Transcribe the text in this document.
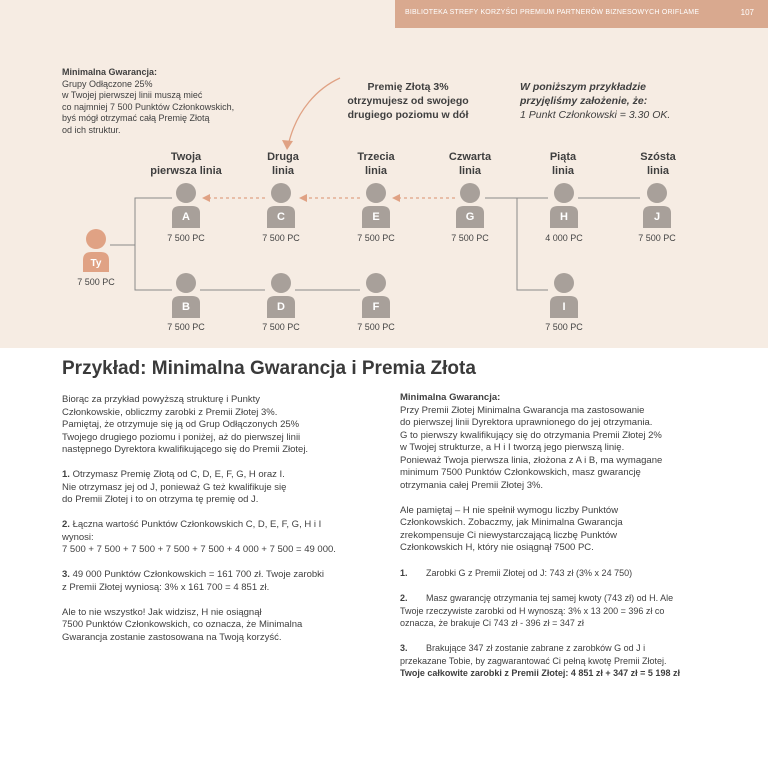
BIBLIOTEKA STREFY KORZYŚCI PREMIUM PARTNERÓW BIZNESOWYCH ORIFLAME	107
Minimalna Gwarancja:
Grupy Odłączone 25%
w Twojej pierwszej linii muszą mieć
co najmniej 7 500 Punktów Członkowskich,
byś mógł otrzymać całą Premię Złotą
od ich struktur.
Premię Złotą 3%
otrzymujesz od swojego
drugiego poziomu w dół
W poniższym przykładzie
przyjęliśmy założenie, że:
1 Punkt Członkowski = 3.30 OK.
Twoja
pierwsza linia
Druga
linia
Trzecia
linia
Czwarta
linia
Piąta
linia
Szósta
linia
Ty
7 500 PC
A
7 500 PC
C
7 500 PC
E
7 500 PC
G
7 500 PC
H
4 000 PC
J
7 500 PC
B
7 500 PC
D
7 500 PC
F
7 500 PC
I
7 500 PC
Przykład: Minimalna Gwarancja i Premia Złota

Biorąc za przykład powyższą strukturę i Punkty

Członkowskie, obliczmy zarobki z Premii Złotej 3%.

Pamiętaj, że otrzymuje się ją od Grup Odłączonych 25%

Twojego drugiego poziomu i poniżej, aż do pierwszej linii

następnego Dyrektora kwalifikującego się do Premii Złotej.

1. Otrzymasz Premię Złotą od C, D, E, F, G, H oraz I.

Nie otrzymasz jej od J, ponieważ G też kwalifikuje się

do Premii Złotej i to on otrzyma tę premię od J.

2. Łączna wartość Punktów Członkowskich C, D, E, F, G, H i I

wynosi:

7 500 + 7 500 + 7 500 + 7 500 + 7 500 + 4 000 + 7 500 = 49 000.

3. 49 000 Punktów Członkowskich = 161 700 zł. Twoje zarobki

z Premii Złotej wyniosą: 3% x 161 700 = 4 851 zł.

Ale to nie wszystko! Jak widzisz, H nie osiągnął

7500 Punktów Członkowskich, co oznacza, że Minimalna

Gwarancja zostanie zastosowana na Twoją korzyść.

Minimalna Gwarancja:

Przy Premii Złotej Minimalna Gwarancja ma zastosowanie

do pierwszej linii Dyrektora uprawnionego do jej otrzymania.

G to pierwszy kwalifikujący się do otrzymania Premii Złotej 2%

w Twojej strukturze, a H i I tworzą jego pierwszą linię.

Ponieważ Twoja pierwsza linia, złożona z A i B, ma wymagane

minimum 7500 Punktów Członkowskich, masz gwarancję

otrzymania całej Premii Złotej 3%.

Ale pamiętaj – H nie spełnił wymogu liczby Punktów

Członkowskich. Zobaczmy, jak Minimalna Gwarancja

zrekompensuje Ci niewystarczającą liczbę Punktów

Członkowskich H, który nie osiągnął 7500 PC.

1. Zarobki G z Premii Złotej od J: 743 zł (3% x 24 750)

2. Masz gwarancję otrzymania tej samej kwoty (743 zł) od H. Ale

Twoje rzeczywiste zarobki od H wynoszą: 3% x 13 200 = 396 zł co

oznacza, że brakuje Ci 743 zł - 396 zł = 347 zł

3. Brakujące 347 zł zostanie zabrane z zarobków G od J i

przekazane Tobie, by zagwarantować Ci pełną kwotę Premii Złotej.

Twoje całkowite zarobki z Premii Złotej: 4 851 zł + 347 zł = 5 198 zł
